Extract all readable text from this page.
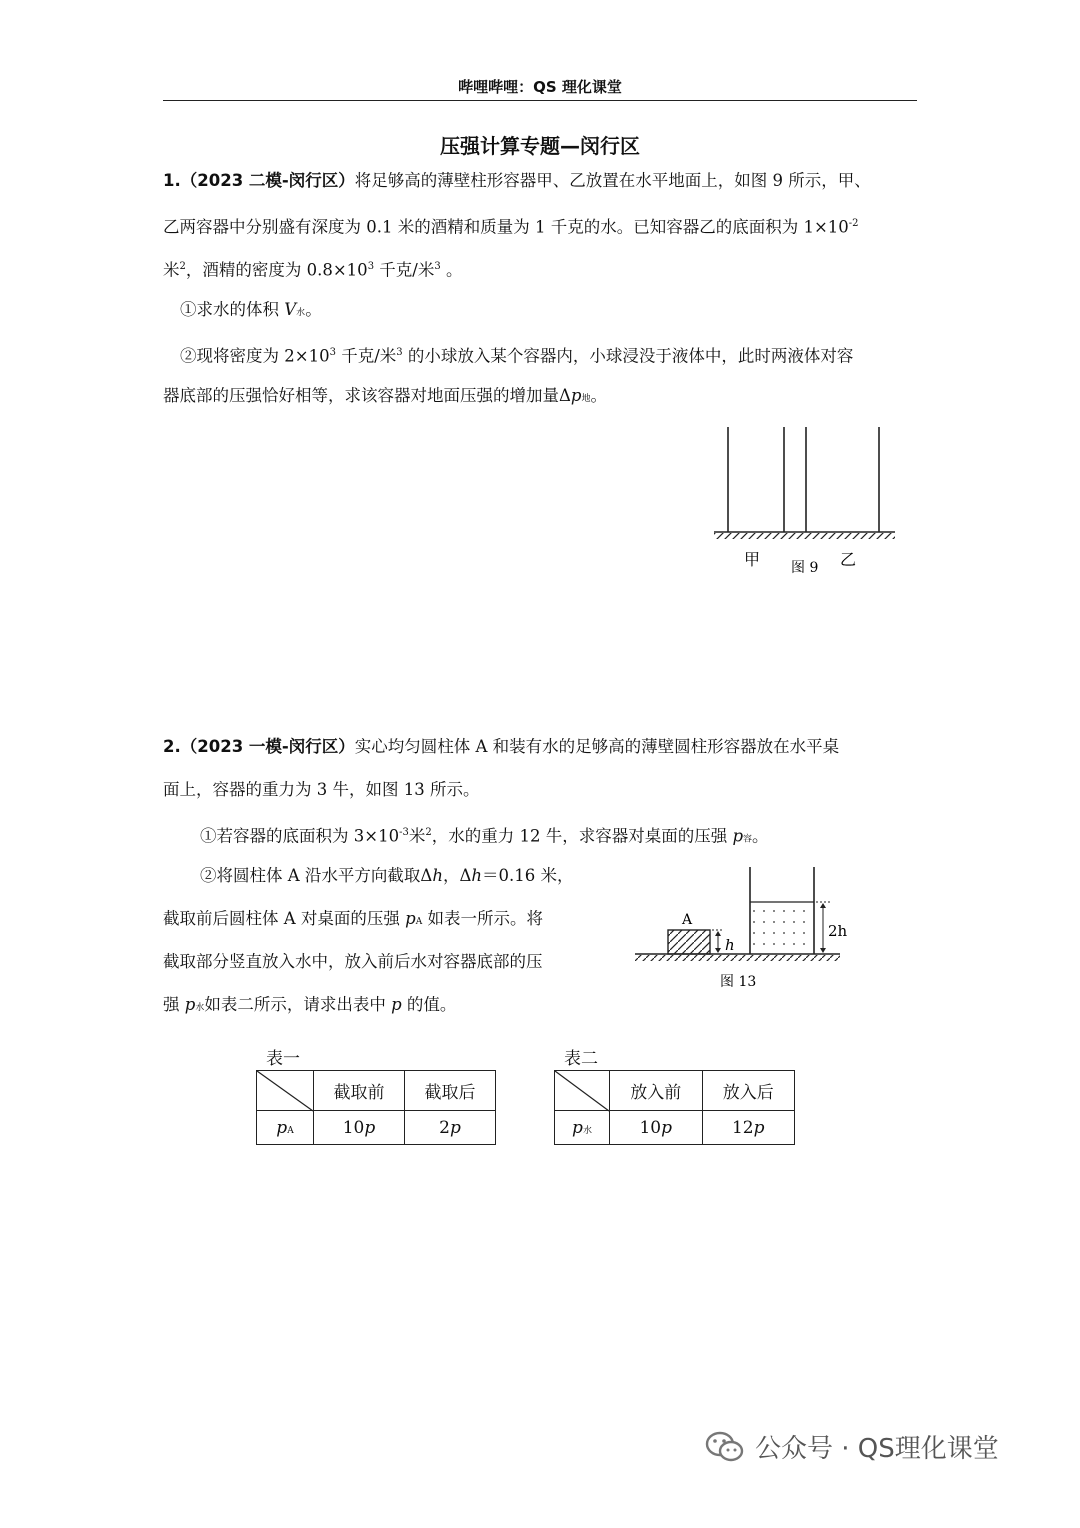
哔哩哔哩：QS 理化课堂
压强计算专题—闵行区
1.（2023 二模-闵行区）将足够高的薄壁柱形容器甲、乙放置在水平地面上，如图 9 所示，甲、
乙两容器中分别盛有深度为 0.1 米的酒精和质量为 1 千克的水。已知容器乙的底面积为 $1\times 10^{-2}$
米$^2$，酒精的密度为 $0.8\times 10^3$ 千克/米$^3$ 。
①求水的体积 V水。
②现将密度为 $2\times 10^3$ 千克/米$^3$ 的小球放入某个容器内，小球浸没于液体中，此时两液体对容
器底部的压强恰好相等，求该容器对地面压强的增加量Δp地。
甲 图 9 乙
2.（2023 一模-闵行区）实心均匀圆柱体 A 和装有水的足够高的薄壁圆柱形容器放在水平桌
面上，容器的重力为 3 牛，如图 13 所示。
①若容器的底面积为 $3\times 10^{-3}$米$^2$，水的重力 12 牛，求容器对桌面的压强 p容。
②将圆柱体 A 沿水平方向截取Δh，Δh＝0.16 米，
截取前后圆柱体 A 对桌面的压强 pA 如表一所示。将
截取部分竖直放入水中，放入前后水对容器底部的压
强 p水如表二所示，请求出表中 p 的值。
A
h
2h
图 13
表一
	截取前	截取后
pA	10p	2p
表二
	放入前	放入后
p水	10p	12p
公众号 · QS理化课堂
